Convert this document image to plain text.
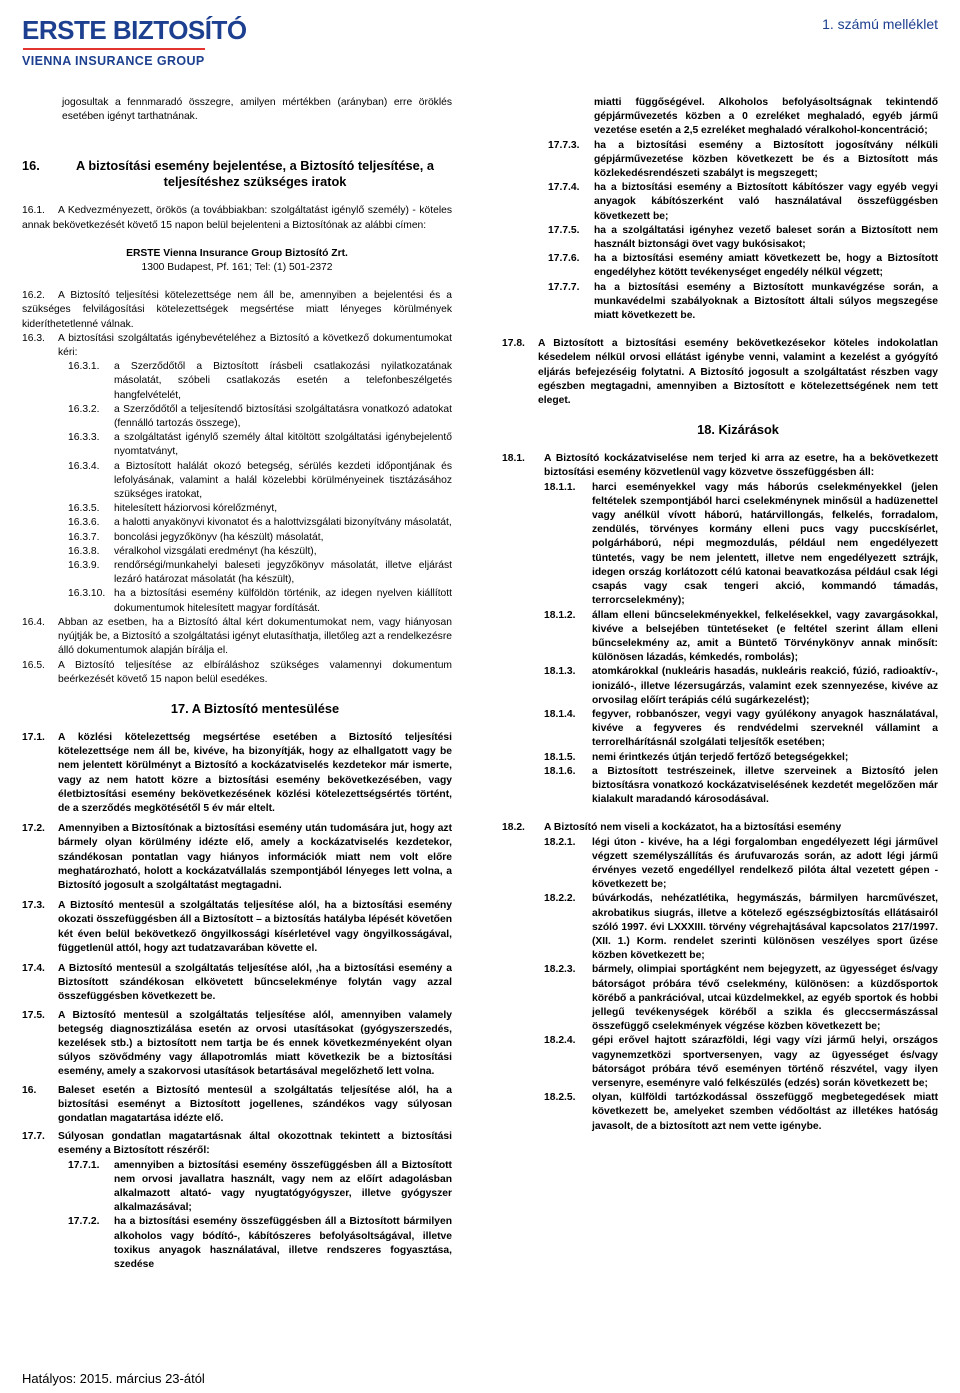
ERSTE BIZTOSÍTÓ
VIENNA INSURANCE GROUP
1. számú melléklet
jogosultak a fennmaradó összegre, amilyen mértékben (arányban) erre öröklés esetében igényt tarthatnának.
16.	A biztosítási esemény bejelentése, a Biztosító teljesítése, a teljesítéshez szükséges iratok
16.1.	A Kedvezményezett, örökös (a továbbiakban: szolgáltatást igénylő személy) - köteles annak bekövetkezését követő 15 napon belül bejelenteni a Biztosítónak az alábbi címen:
ERSTE Vienna Insurance Group Biztosító Zrt.
1300 Budapest, Pf. 161; Tel: (1) 501-2372
16.2.	A Biztosító teljesítési kötelezettsége nem áll be, amennyiben a bejelentési és a szükséges felvilágosítási kötelezettségek megsértése miatt lényeges körülmények kideríthetetlenné válnak.
16.3. A biztosítási szolgáltatás igénybevételéhez a Biztosító a következő dokumentumokat kéri:
16.3.1. a Szerződőtől a Biztosított írásbeli csatlakozási nyilatkozatának másolatát, szóbeli csatlakozás esetén a telefonbeszélgetés hangfelvételét,
16.3.2. a Szerződőtől a teljesítendő biztosítási szolgáltatásra vonatkozó adatokat (fennálló tartozás összege),
16.3.3. a szolgáltatást igénylő személy által kitöltött szolgáltatási igénybejelentő nyomtatványt,
16.3.4. a Biztosított halálát okozó betegség, sérülés kezdeti időpontjának és lefolyásának, valamint a halál közelebbi körülményeinek tisztázásához szükséges iratokat,
16.3.5. hitelesített háziorvosi kórelőzményt,
16.3.6. a halotti anyakönyvi kivonatot és a halottvizsgálati bizonyítvány másolatát,
16.3.7. boncolási jegyzőkönyv (ha készült) másolatát,
16.3.8. véralkohol vizsgálati eredményt (ha készült),
16.3.9. rendőrségi/munkahelyi baleseti jegyzőkönyv másolatát, illetve eljárást lezáró határozat másolatát (ha készült),
16.3.10. ha a biztosítási esemény külföldön történik, az idegen nyelven kiállított dokumentumok hitelesített magyar fordítását.
16.4. Abban az esetben, ha a Biztosító által kért dokumentumokat nem, vagy hiányosan nyújtják be, a Biztosító a szolgáltatási igényt elutasíthatja, illetőleg azt a rendelkezésre álló dokumentumok alapján bírálja el.
16.5. A Biztosító teljesítése az elbíráláshoz szükséges valamennyi dokumentum beérkezését követő 15 napon belül esedékes.
17. A Biztosító mentesülése
17.1. A közlési kötelezettség megsértése esetében a Biztosító teljesítési kötelezettsége nem áll be, kivéve, ha bizonyítják, hogy az elhallgatott vagy be nem jelentett körülményt a Biztosító a kockázatviselés kezdetekor már ismerte, vagy az nem hatott közre a biztosítási esemény bekövetkezésében, vagy életbiztosítási esemény bekövetkezésének közlési kötelezettségsértés történt, de a szerződés megkötésétől 5 év már eltelt.
17.2. Amennyiben a Biztosítónak a biztosítási esemény után tudomására jut, hogy azt bármely olyan körülmény idézte elő, amely a kockázatviselés kezdetekor, szándékosan pontatlan vagy hiányos információk miatt nem volt előre meghatározható, holott a kockázatvállalás szempontjából lényeges lett volna, a Biztosító jogosult a szolgáltatást megtagadni.
17.3. A Biztosító mentesül a szolgáltatás teljesítése alól, ha a biztosítási esemény okozati összefüggésben áll a Biztosított – a biztosítás hatályba lépését követően két éven belül bekövetkező öngyilkossági kísérletével vagy öngyilkosságával, függetlenül attól, hogy azt tudatzavarában követte el.
17.4. A Biztosító mentesül a szolgáltatás teljesítése alól, ,ha a biztosítási esemény a Biztosított szándékosan elkövetett bűncselekménye folytán vagy azzal összefüggésben következett be.
17.5. A Biztosító mentesül a szolgáltatás teljesítése alól, amennyiben valamely betegség diagnosztizálása esetén az orvosi utasításokat (gyógyszerszedés, kezelések stb.) a biztosított nem tartja be és ennek következményeként olyan súlyos szövődmény vagy állapotromlás miatt következik be a biztosítási esemény, amely a szakorvosi utasítások betartásával megelőzhető lett volna.
16. Baleset esetén a Biztosító mentesül a szolgáltatás teljesítése alól, ha a biztosítási eseményt a Biztosított jogellenes, szándékos vagy súlyosan gondatlan magatartása idézte elő.
17.7. Súlyosan gondatlan magatartásnak által okozottnak tekintett a biztosítási esemény a Biztosított részéről:
17.7.1. amennyiben a biztosítási esemény összefüggésben áll a Biztosított nem orvosi javallatra használt, vagy nem az előírt adagolásban alkalmazott altató- vagy nyugtatógyógyszer, illetve gyógyszer alkalmazásával;
17.7.2. ha a biztosítási esemény összefüggésben áll a Biztosított bármilyen alkoholos vagy bódító-, kábítószeres befolyásoltságával, illetve toxikus anyagok használatával, illetve rendszeres fogyasztása, szedése
miatti függőségével. Alkoholos befolyásoltságnak tekintendő gépjárművezetés közben a 0 ezreléket meghaladó, egyéb jármű vezetése esetén a 2,5 ezreléket meghaladó véralkohol-koncentráció;
17.7.3. ha a biztosítási esemény a Biztosított jogosítvány nélküli gépjárművezetése közben következett be és a Biztosított más közlekedésrendészeti szabályt is megszegett;
17.7.4. ha a biztosítási esemény a Biztosított kábítószer vagy egyéb vegyi anyagok kábítószerként való használatával összefüggésben következett be;
17.7.5. ha a szolgáltatási igényhez vezető baleset során a Biztosított nem használt biztonsági övet vagy bukósisakot;
17.7.6. ha a biztosítási esemény amiatt következett be, hogy a Biztosított engedélyhez kötött tevékenységet engedély nélkül végzett;
17.7.7. ha a biztosítási esemény a Biztosított munkavégzése során, a munkavédelmi szabályoknak a Biztosított általi súlyos megszegése miatt következett be.
17.8. A Biztosított a biztosítási esemény bekövetkezésekor köteles indokolatlan késedelem nélkül orvosi ellátást igénybe venni, valamint a kezelést a gyógyító eljárás befejezéséig folytatni. A Biztosító jogosult a szolgáltatást részben vagy egészben megtagadni, amennyiben a Biztosított e kötelezettségének nem tett eleget.
18. Kizárások
18.1. A Biztosító kockázatviselése nem terjed ki arra az esetre, ha a bekövetkezett biztosítási esemény közvetlenül vagy közvetve összefüggésben áll:
18.1.1. harci eseményekkel vagy más háborús cselekményekkel (jelen feltételek szempontjából harci cselekménynek minősül a hadüzenettel vagy anélkül vívott háború, határvillongás, felkelés, forradalom, zendülés, törvényes kormány elleni pucs vagy puccskísérlet, polgárháború, népi megmozdulás, például nem engedélyezett tüntetés, vagy be nem jelentett, illetve nem engedélyezett sztrájk, idegen ország korlátozott célú katonai beavatkozása például csak légi csapás vagy csak tengeri akció, kommandó támadás, terrorcselekmény);
18.1.2. állam elleni bűncselekményekkel, felkelésekkel, vagy zavargásokkal, kivéve a belsejében tüntetéseket (e feltétel szerint állam elleni bűncselekmény az, amit a Büntető Törvénykönyv annak minősít: különösen lázadás, kémkedés, rombolás);
18.1.3. atomkárokkal (nukleáris hasadás, nukleáris reakció, fúzió, radioaktív-, ionizáló-, illetve lézersugárzás, valamint ezek szennyezése, kivéve az orvosilag előírt terápiás célú sugárkezelést);
18.1.4. fegyver, robbanószer, vegyi vagy gyúlékony anyagok használatával, kivéve a fegyveres és rendvédelmi szerveknél vállamint a terrorelhárításnál szolgálati teljesítők esetében;
18.1.5. nemi érintkezés útján terjedő fertőző betegségekkel;
18.1.6. a Biztosított testrészeinek, illetve szerveinek a Biztosító jelen biztosításra vonatkozó kockázatviselésének kezdetét megelőzően már kialakult maradandó károsodásával.
18.2. A Biztosító nem viseli a kockázatot, ha a biztosítási esemény
18.2.1. légi úton - kivéve, ha a légi forgalomban engedélyezett légi járművel végzett személyszállítás és árufuvarozás során, az adott légi jármű érvényes vezető engedéllyel rendelkező pilóta által vezetett gépen - következett be;
18.2.2. búvárkodás, nehézatlétika, hegymászás, bármilyen harcművészet, akrobatikus siugrás, illetve a kötelező egészségbiztosítás ellátásairól szóló 1997. évi LXXXIII. törvény végrehajtásával kapcsolatos 217/1997. (XII. 1.) Korm. rendelet szerinti különösen veszélyes sport űzése közben következett be;
18.2.3. bármely, olimpiai sportágként nem bejegyzett, az ügyességet és/vagy bátorságot próbára tévő cselekmény, különösen: a küzdősportok körébő a pankrációval, utcai küzdelmekkel, az egyéb sportok és hobbi jellegű tevékenységek köréből a szikla és gleccsermászással összefüggő cselekmények végzése közben következett be;
18.2.4. gépi erővel hajtott szárazföldi, légi vagy vízi jármű helyi, országos vagynemzetközi sportversenyen, vagy az ügyességet és/vagy bátorságot próbára tévő eseményen történő részvétel, vagy ilyen versenyre, eseményre való felkészülés (edzés) során következett be;
18.2.5. olyan, külföldi tartózkodással összefüggő megbetegedések miatt következett be, amelyeket szemben védőoltást az illetékes hatóság javasolt, de a biztosított azt nem vette igénybe.
Hatályos: 2015. március 23-ától
